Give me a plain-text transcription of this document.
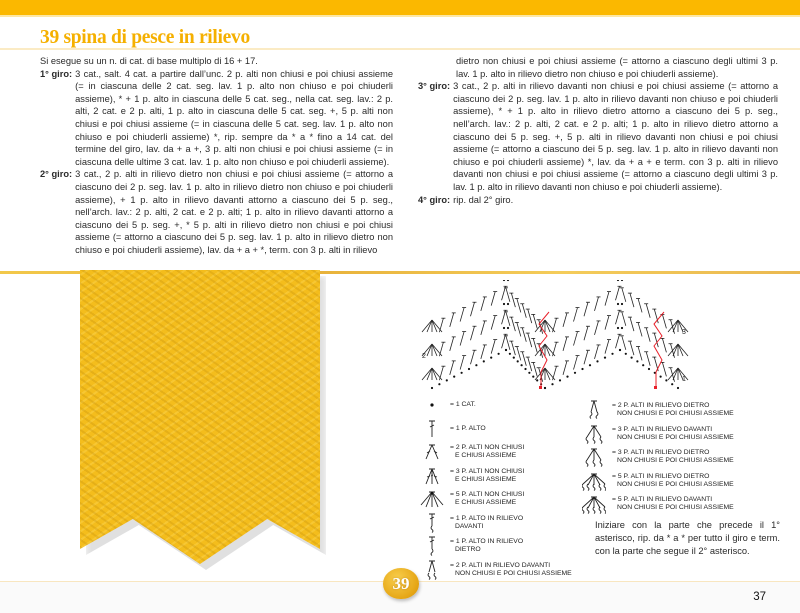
39 spina di pesce in rilievo
Si esegue su un n. di cat. di base multiplo di 16 + 17.
1° giro: 3 cat., salt. 4 cat. a partire dall’unc. 2 p. alti non chiusi e poi chiusi assieme (= in ciascuna delle 2 cat. seg. lav. 1 p. alto non chiuso e poi chiuderli assieme), * + 1 p. alto in ciascuna delle 5 cat. seg., nella cat. seg. lav.: 2 p. alti, 2 cat. e 2 p. alti, 1 p. alto in ciascuna delle 5 cat. seg. +, 5 p. alti non chiusi e poi chiusi assieme (= in ciascuna delle 5 cat. seg. lav. 1 p. alto non chiuso e poi chiuderli assieme) *, rip. sempre da * a * fino a 14 cat. del termine del giro, lav. da + a +, 3 p. alti non chiusi e poi chiusi assieme (= in ciascuna delle ultime 3 cat. lav. 1 p. alto non chiuso e poi chiuderli assieme).
2° giro: 3 cat., 2 p. alti in rilievo dietro non chiusi e poi chiusi assieme (= attorno a ciascuno dei 2 p. seg. lav. 1 p. alto in rilievo dietro non chiuso e poi chiuderli assieme), + 1 p. alto in rilievo davanti attorno a ciascuno dei 5 p. seg., nell’arch. lav.: 2 p. alti, 2 cat. e 2 p. alti; 1 p. alto in rilievo davanti attorno a ciascuno dei 5 p. seg. +, * 5 p. alti in rilievo dietro non chiusi e poi chiusi assieme (= attorno a ciascuno dei 5 p. seg. lav. 1 p. alto in rilievo dietro non chiuso e poi chiuderli assieme), lav. da + a + *, term. con 3 p. alti in rilievo
dietro non chiusi e poi chiusi assieme (= attorno a ciascuno degli ultimi 3 p. lav. 1 p. alto in rilievo dietro non chiuso e poi chiuderli assieme).
3° giro: 3 cat., 2 p. alti in rilievo davanti non chiusi e poi chiusi assieme (= attorno a ciascuno dei 2 p. seg. lav. 1 p. alto in rilievo davanti non chiuso e poi chiuderli assieme), * + 1 p. alto in rilievo dietro attorno a ciascuno dei 5 p. seg., nell’arch. lav.: 2 p. alti, 2 cat. e 2 p. alti; 1 p. alto in rilievo dietro attorno a ciascuno dei 5 p. seg. +, 5 p. alti in rilievo davanti non chiusi e poi chiusi assieme (= attorno a ciascuno dei 5 p. seg. lav. 1 p. alto in rilievo davanti non chiuso e poi chiuderli assieme) *, lav. da + a + e term. con 3 p. alti in rilievo davanti non chiusi e poi chiusi assieme (= attorno a ciascuno degli ultimi 3 p. lav. 1 p. alto in rilievo davanti non chiuso e poi chiuderli assieme).
4° giro: rip. dal 2° giro.
1
2
3
= 1 CAT.
= 1 P. ALTO
= 2 P. ALTI NON CHIUSI
E CHIUSI ASSIEME
= 3 P. ALTI NON CHIUSI
E CHIUSI ASSIEME
= 5 P. ALTI NON CHIUSI
E CHIUSI ASSIEME
= 1 P. ALTO IN RILIEVO
DAVANTI
= 1 P. ALTO IN RILIEVO
DIETRO
= 2 P. ALTI IN RILIEVO DAVANTI
NON CHIUSI E POI CHIUSI ASSIEME
= 2 P. ALTI IN RILIEVO DIETRO
NON CHIUSI E POI CHIUSI ASSIEME
= 3 P. ALTI IN RILIEVO DAVANTI
NON CHIUSI E POI CHIUSI ASSIEME
= 3 P. ALTI IN RILIEVO DIETRO
NON CHIUSI E POI CHIUSI ASSIEME
= 5 P. ALTI IN RILIEVO DIETRO
NON CHIUSI E POI CHIUSI ASSIEME
= 5 P. ALTI IN RILIEVO DAVANTI
NON CHIUSI E POI CHIUSI ASSIEME

Iniziare con la parte che precede il 1° asterisco, rip. da * a * per tutto il giro e term. con la parte che segue il 2° asterisco.

39
37
